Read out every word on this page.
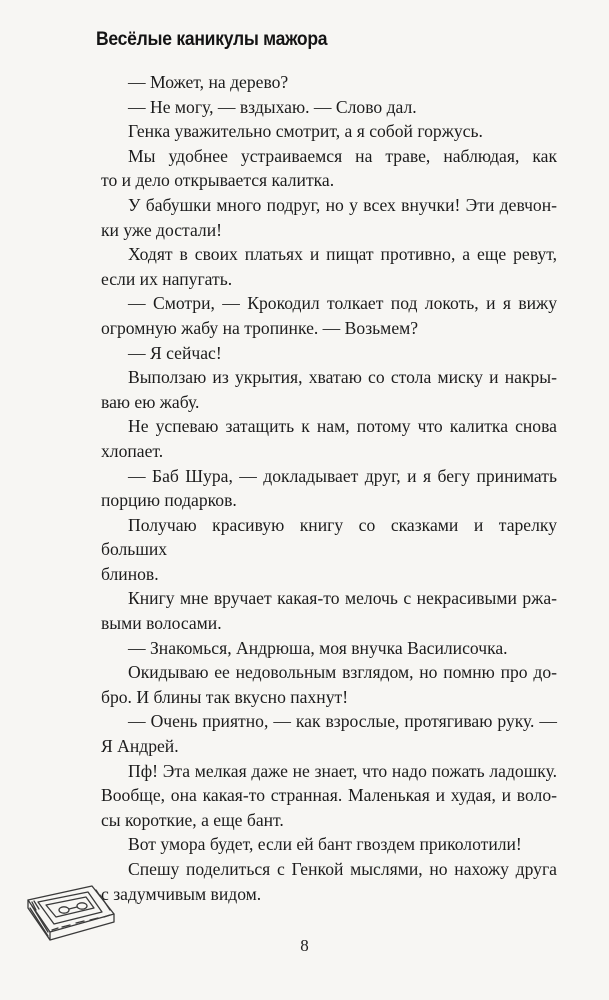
Весёлые каникулы мажора

— Может, на дерево?

— Не могу, — вздыхаю. — Слово дал.

Генка уважительно смотрит, а я собой горжусь.

Мы удобнее устраиваемся на траве, наблюдая, как
то и дело открывается калитка.

У бабушки много подруг, но у всех внучки! Эти девчон-
ки уже достали!

Ходят в своих платьях и пищат противно, а еще ревут,
если их напугать.

— Смотри, — Крокодил толкает под локоть, и я вижу
огромную жабу на тропинке. — Возьмем?

— Я сейчас!

Выползаю из укрытия, хватаю со стола миску и накры-
ваю ею жабу.

Не успеваю затащить к нам, потому что калитка снова
хлопает.

— Баб Шура, — докладывает друг, и я бегу принимать
порцию подарков.

Получаю красивую книгу со сказками и тарелку больших
блинов.

Книгу мне вручает какая-то мелочь с некрасивыми ржа-
выми волосами.

— Знакомься, Андрюша, моя внучка Василисочка.

Окидываю ее недовольным взглядом, но помню про до-
бро. И блины так вкусно пахнут!

— Очень приятно, — как взрослые, протягиваю руку. —
Я Андрей.

Пф! Эта мелкая даже не знает, что надо пожать ладошку.
Вообще, она какая-то странная. Маленькая и худая, и воло-
сы короткие, а еще бант.

Вот умора будет, если ей бант гвоздем приколотили!

Спешу поделиться с Генкой мыслями, но нахожу друга
с задумчивым видом.

8
